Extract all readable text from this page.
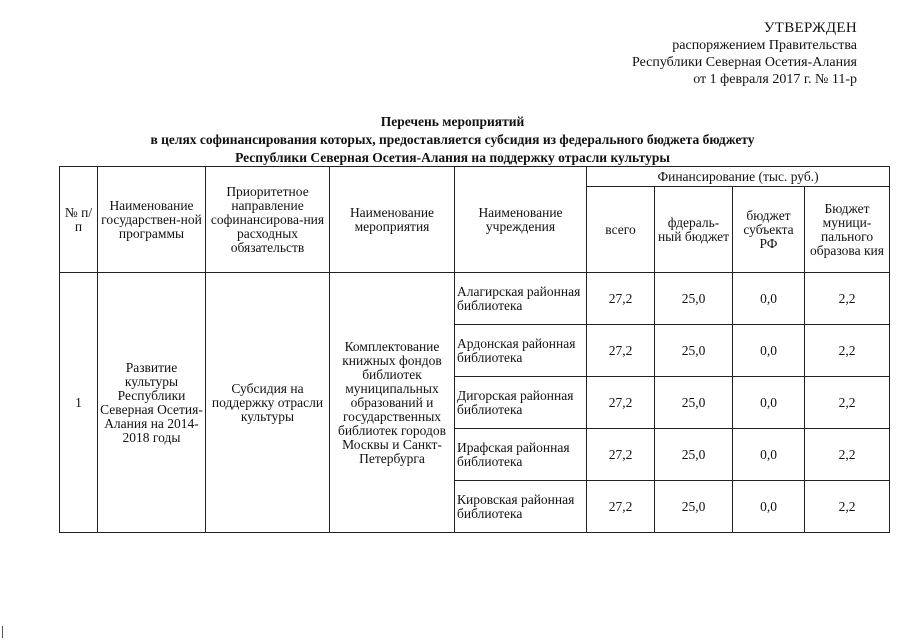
УТВЕРЖДЕН
распоряжением Правительства
Республики Северная Осетия-Алания
от 1 февраля 2017 г. № 11-р
Перечень мероприятий
в целях софинансирования которых, предоставляется субсидия из федерального бюджета бюджету
Республики Северная Осетия-Алания на поддержку отрасли культуры
№ п/п	Наименование государствен-ной программы	Приоритетное направление софинансирова-ния расходных обязательств	Наименование мероприятия	Наименование учреждения	Финансирование (тыс. руб.)			
					всего	фдераль-ный бюджет	бюджет субъекта РФ	Бюджет муници-пального образова кия
1	Развитие культуры Республики Северная Осетия-Алания на 2014-2018 годы	Субсидия на поддержку отрасли культуры	Комплектование книжных фондов библиотек муниципальных образований и государственных библиотек городов Москвы и Санкт-Петербурга	Алагирская районная библиотека	27,2	25,0	0,0	2,2
				Ардонская районная библиотека	27,2	25,0	0,0	2,2
				Дигорская районная библиотека	27,2	25,0	0,0	2,2
				Ирафская районная библиотека	27,2	25,0	0,0	2,2
				Кировская районная библиотека	27,2	25,0	0,0	2,2
